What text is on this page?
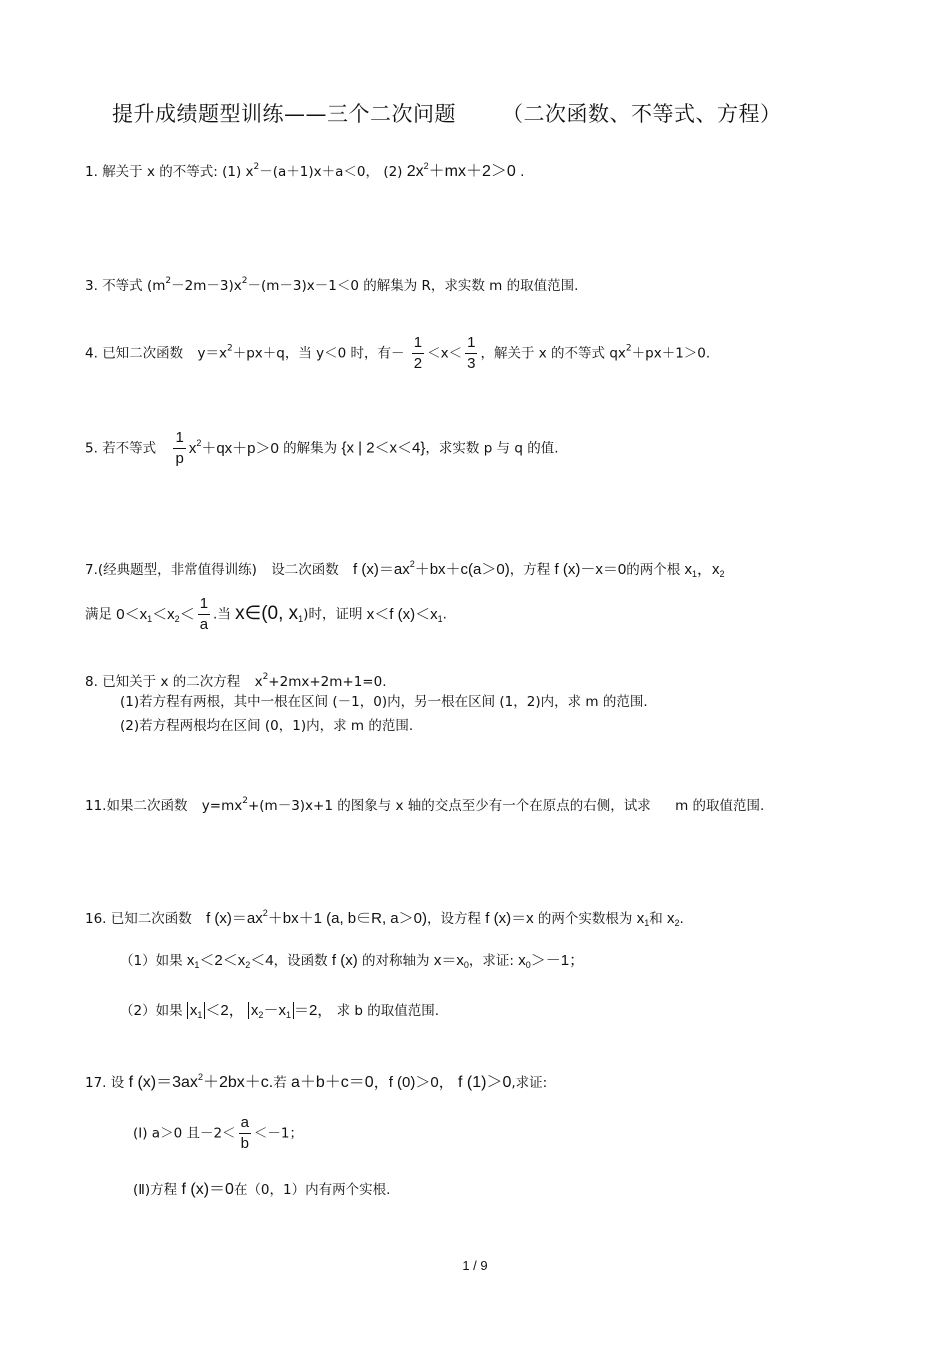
提升成绩题型训练——三个二次问题 （二次函数、不等式、方程）
1. 解关于 x 的不等式: (1) $x^2-(a+1)x+a<0$， (2) $2x^2+mx+2>0$ .
3. 不等式 $(m^2-2m-3)x^2-(m-3)x-1<0$ 的解集为 R，求实数 m 的取值范围.
4. 已知二次函数 $y=x^2+px+q$，当 y＜0 时，有－ $\frac{1}{2} <x< \frac{1}{3}$ ，解关于 x 的不等式 $qx^2+px+1>0$.
5. 若不等式 $\frac{1}{p} x^2+qx+p>0$ 的解集为 {x | 2＜x＜4}，求实数 p 与 q 的值.
7.(经典题型，非常值得训练) 设二次函数 f $(x)=ax^2+bx+c(a>0)$，方程 f (x)－x＝0的两个根 $x_1$，$x_2$
满足 $0<x_1<x_2< \frac{1}{a}$ .当 x∈(0, $x_1$)时，证明 x＜f $(x)<x_1$.
8. 已知关于 x 的二次方程 $x^2+2mx+2m+1=0$.
(1)若方程有两根，其中一根在区间 (－1，0)内，另一根在区间 (1，2)内，求 m 的范围.
(2)若方程两根均在区间 (0，1)内，求 m 的范围.
11.如果二次函数 $y=mx^2+(m-3)x+1$ 的图象与 x 轴的交点至少有一个在原点的右侧，试求 m 的取值范围.
16. 已知二次函数 f $(x)=ax^2+bx+1$ (a, b∈R, a＞0)，设方程 f (x)＝x 的两个实数根为 $x_1$和 $x_2$.
（1）如果 $x_1<2<x_2<4$，设函数 f (x) 的对称轴为 $x=x_0$，求证: $x_0>-1$；
（2）如果 $x_1 <2$， $x_2-x_1 =2$， 求 b 的取值范围.
17. 设 f $(x)=3ax^2+2bx+c$.若 a＋b＋c＝0，f (0)＞0， f (1)＞0,求证:
(Ⅰ) a＞0 且$-2< \frac{a}{b} <-1$；
(Ⅱ)方程 f (x)＝0在（0，1）内有两个实根.
1 / 9
